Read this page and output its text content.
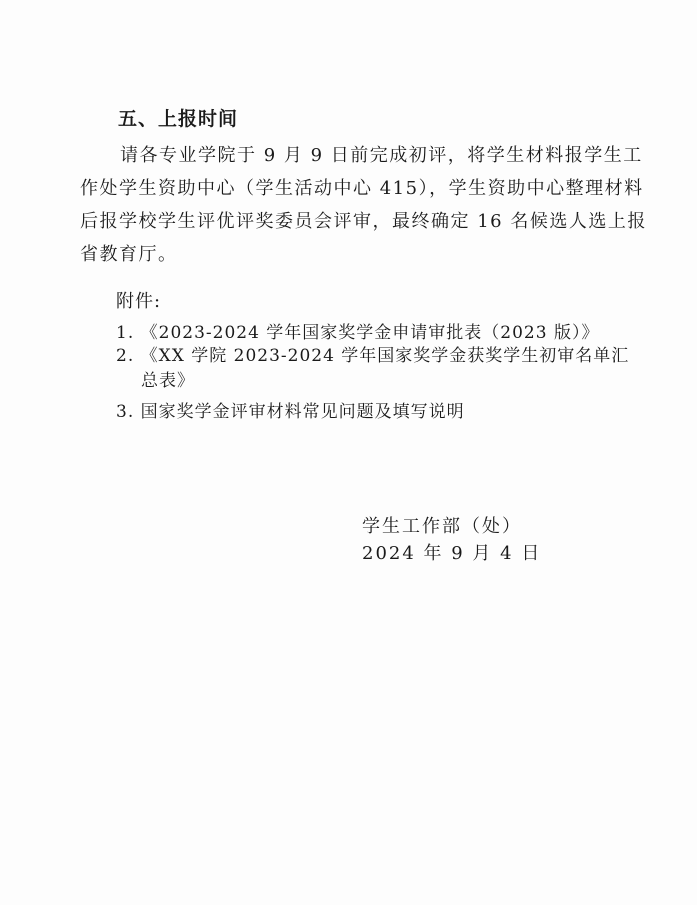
五、上报时间
请各专业学院于 9 月 9 日前完成初评，将学生材料报学生工
作处学生资助中心（学生活动中心 415），学生资助中心整理材料
后报学校学生评优评奖委员会评审，最终确定 16 名候选人选上报
省教育厅。
附件:
1. 《2023-2024 学年国家奖学金申请审批表（2023 版）》
2. 《XX 学院 2023-2024 学年国家奖学金获奖学生初审名单汇
总表》
3. 国家奖学金评审材料常见问题及填写说明
学生工作部（处）
2024 年 9 月 4 日
